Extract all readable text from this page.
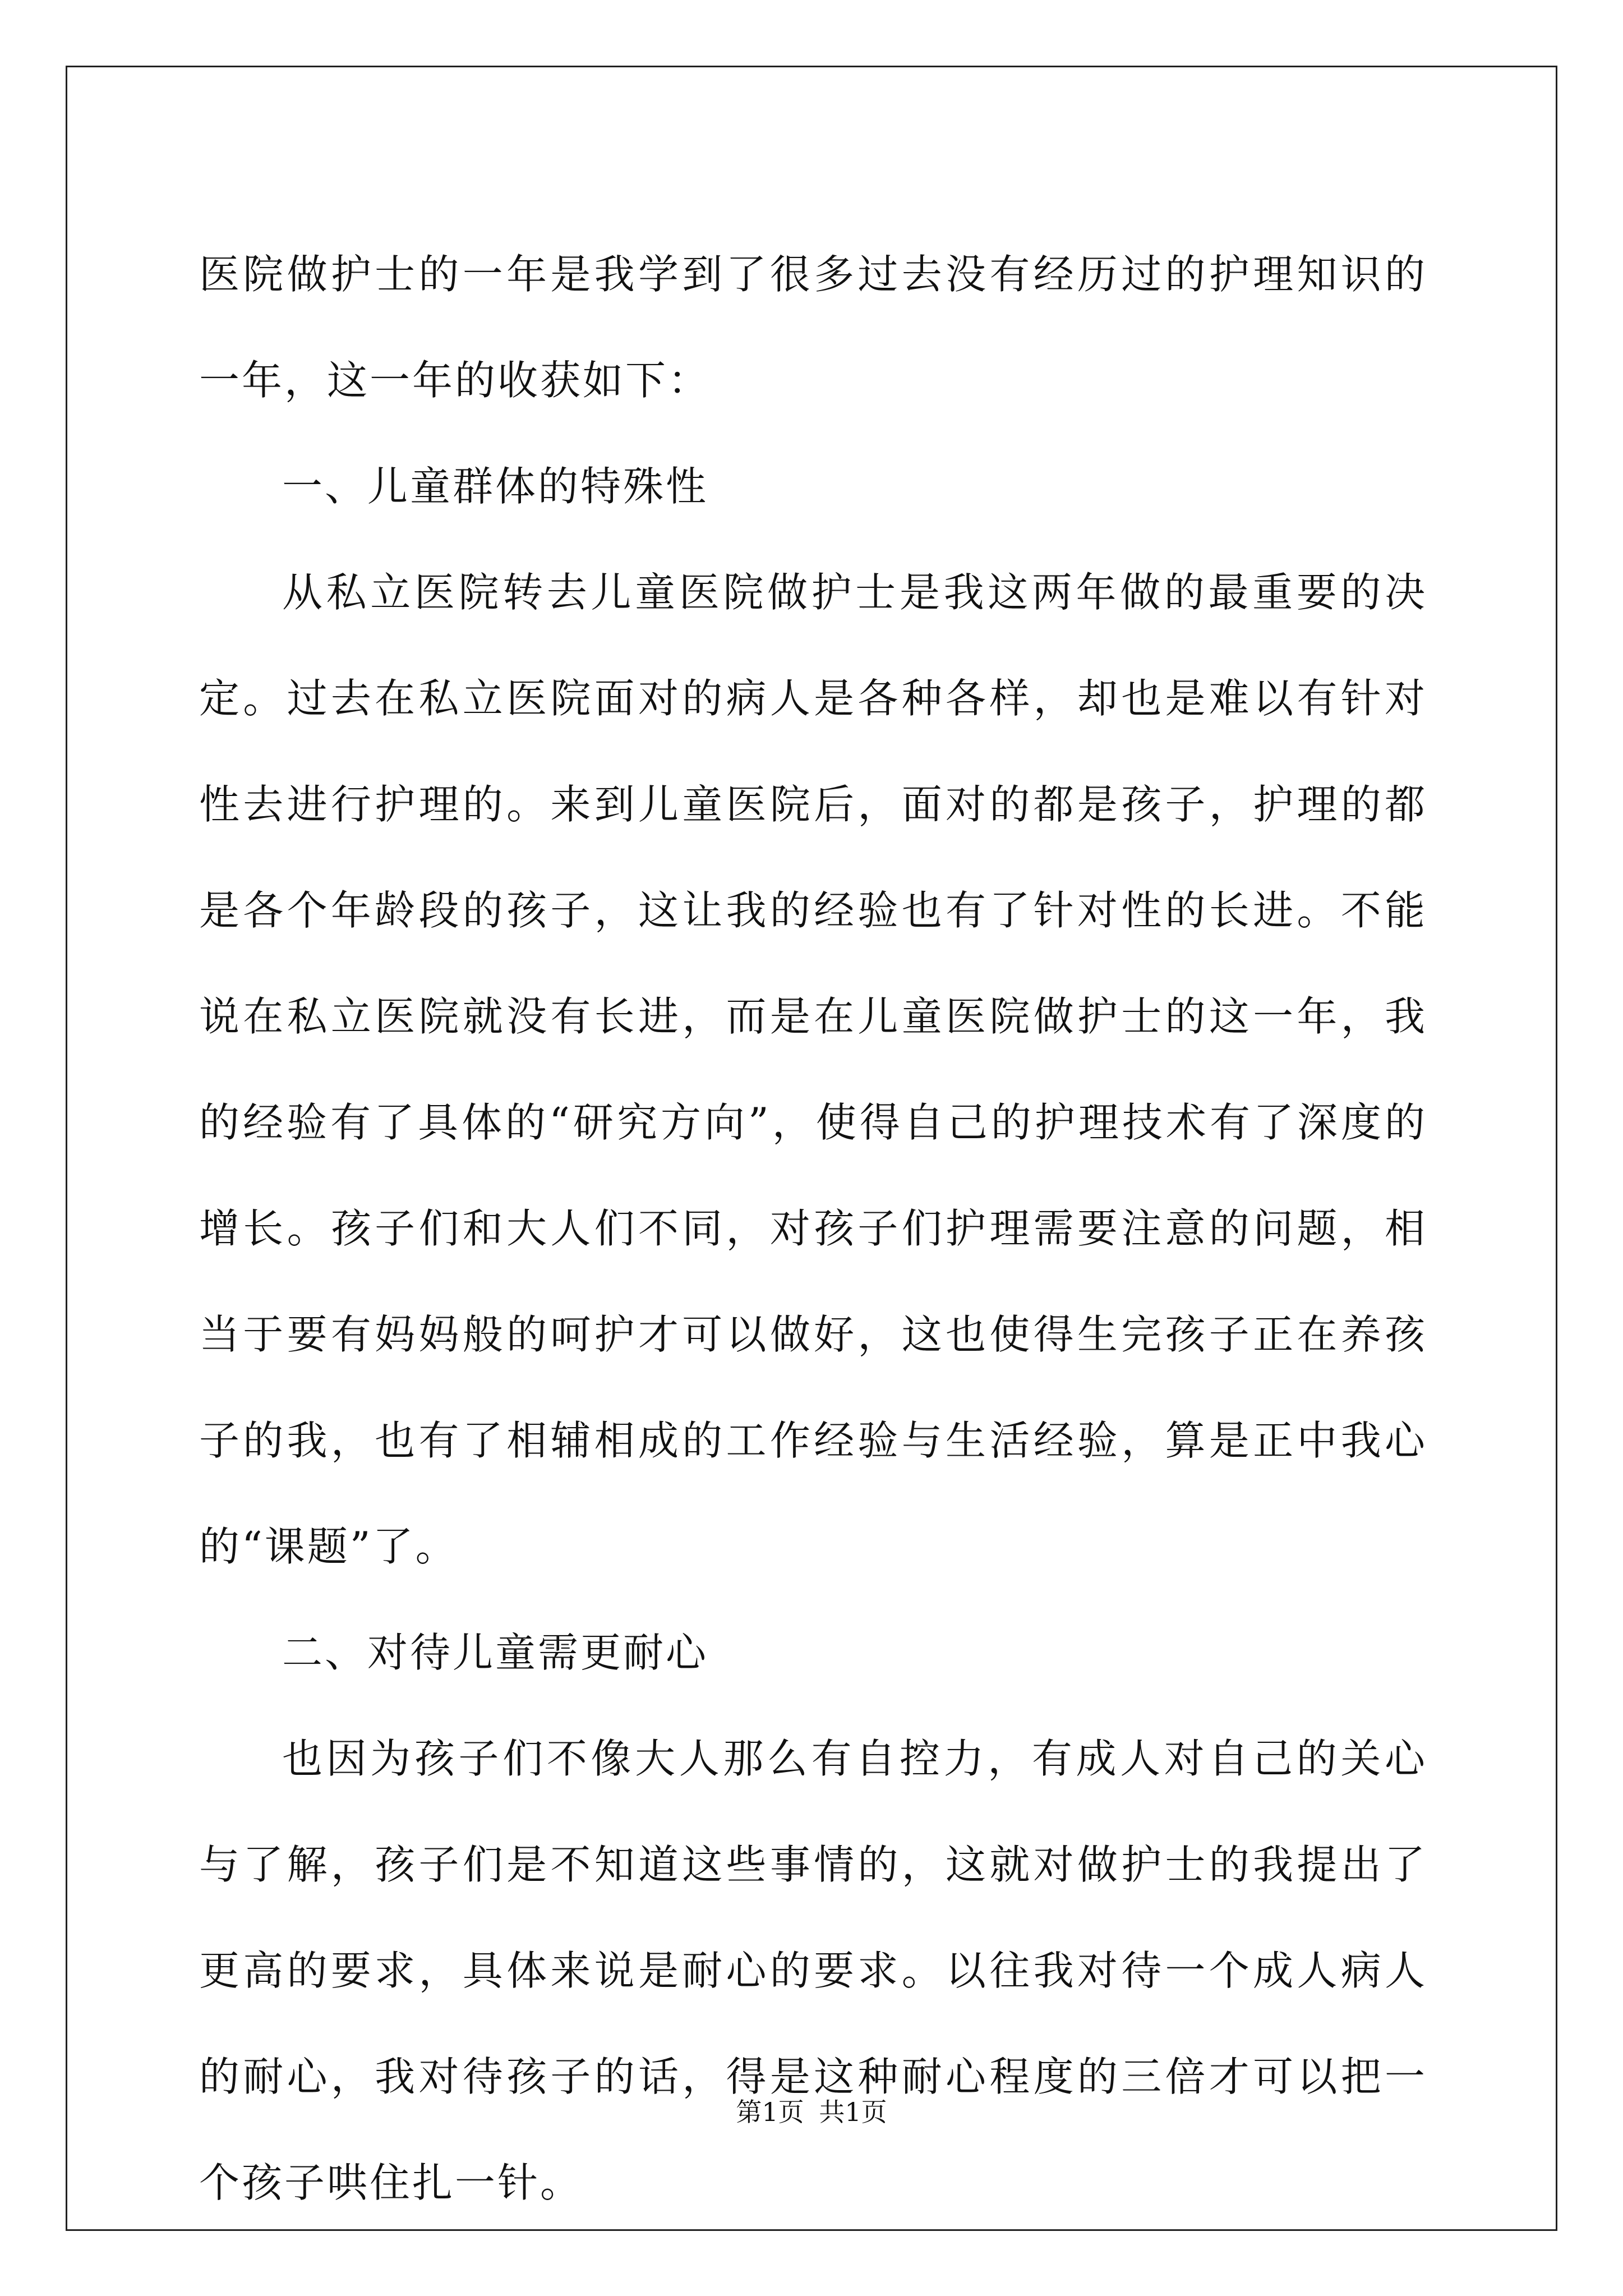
医院做护士的一年是我学到了很多过去没有经历过的护理知识的一年，这一年的收获如下：

一、儿童群体的特殊性

从私立医院转去儿童医院做护士是我这两年做的最重要的决定。过去在私立医院面对的病人是各种各样，却也是难以有针对性去进行护理的。来到儿童医院后，面对的都是孩子，护理的都是各个年龄段的孩子，这让我的经验也有了针对性的长进。不能说在私立医院就没有长进，而是在儿童医院做护士的这一年，我的经验有了具体的“研究方向”，使得自己的护理技术有了深度的增长。孩子们和大人们不同，对孩子们护理需要注意的问题，相当于要有妈妈般的呵护才可以做好，这也使得生完孩子正在养孩子的我，也有了相辅相成的工作经验与生活经验，算是正中我心的“课题”了。

二、对待儿童需更耐心

也因为孩子们不像大人那么有自控力，有成人对自己的关心与了解，孩子们是不知道这些事情的，这就对做护士的我提出了更高的要求，具体来说是耐心的要求。以往我对待一个成人病人的耐心，我对待孩子的话，得是这种耐心程度的三倍才可以把一个孩子哄住扎一针。

第1页 共1页
